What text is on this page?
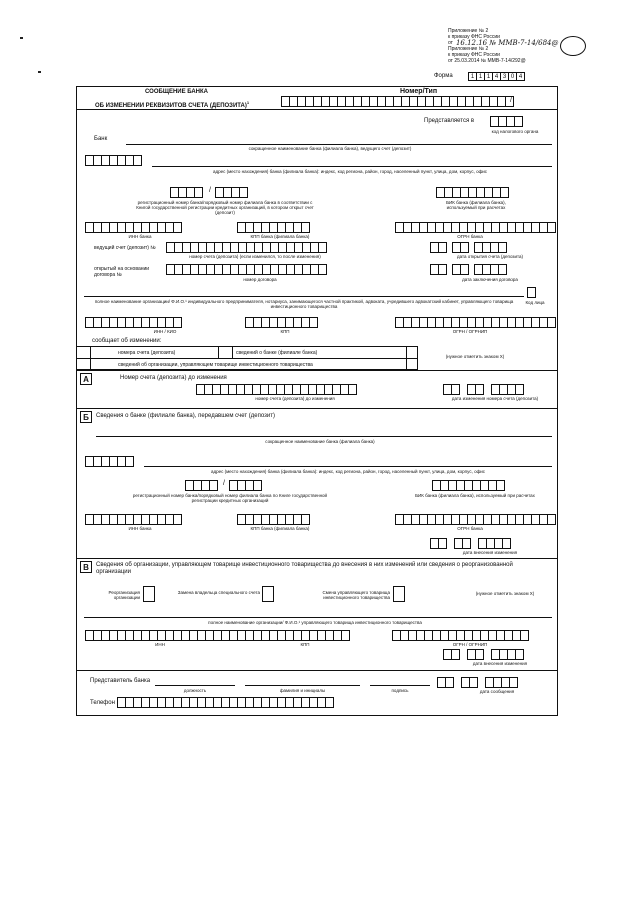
Приложение № 2
к приказу ФНС России
от 16.12.16 № ММВ-7-14/684@
Приложение № 2
к приказу ФНС России
от 25.03.2014 № ММВ-7-14/292@
Форма	1 1 1 4 3 0 4
СООБЩЕНИЕ БАНКА
ОБ ИЗМЕНЕНИИ РЕКВИЗИТОВ СЧЕТА (ДЕПОЗИТА)$^1$
Номер/Тип
/
Представляется в
код налогового органа
Банк
сокращенное наименование банка (филиала банка), ведущего счет (депозит)
адрес (место нахождения) банка (филиала банка): индекс, код региона, район, город, населенный пункт, улица, дом, корпус, офис
/
регистрационный номер банка/порядковый номер филиала банка в соответствии с Книгой государственной регистрации кредитных организаций, в котором открыт счет (депозит)
БИК банка (филиала банка), используемый при расчетах
ИНН банка	КПП банка (филиала банка)	ОГРН банка
ведущий счет (депозит) №
номер счета (депозита) (если изменился, то после изменения)	дата открытия счета (депозита)
открытый на основании договора №
номер договора	дата заключения договора
полное наименование организации/ Ф.И.О.¹ индивидуального предпринимателя, нотариуса, занимающегося частной практикой, адвоката, учредившего адвокатский кабинет, управляющего товарища инвестиционного товарищества
Код лица
ИНН / КИО	КПП	ОГРН / ОГРНИП
сообщает об изменении:
номера счета (депозита)	сведений о банке (филиале банка)
сведений об организации, управляющем товарище инвестиционного товарищества
(нужное отметить знаком Х)
А	Номер счета (депозита) до изменения
номер счета (депозита) до изменения	дата изменения номера счета (депозита)
Б	Сведения о банке (филиале банка), передавшем счет (депозит)
сокращенное наименование банка (филиала банка)
адрес (место нахождения) банка (филиала банка): индекс, код региона, район, город, населенный пункт, улица, дом, корпус, офис
/
регистрационный номер банка/порядковый номер филиала банка по Книге государственной регистрации кредитных организаций
БИК банка (филиала банка), используемый при расчетах
ИНН банка	КПП банка (филиала банка)	ОГРН банка
дата внесения изменения
В	Сведения об организации, управляющем товарище инвестиционного товарищества до внесения в них изменений или сведения о реорганизованной организации
Реорганизация организации
Замена владельца специального счета	Смена управляющего товарища инвестиционного товарищества
(нужное отметить знаком Х)
полное наименование организации/ Ф.И.О.¹ управляющего товарища инвестиционного товарищества
ИНН	КПП	ОГРН / ОГРНИП
дата внесения изменения
Представитель банка
должность	фамилия и инициалы	подпись	дата сообщения
Телефон
